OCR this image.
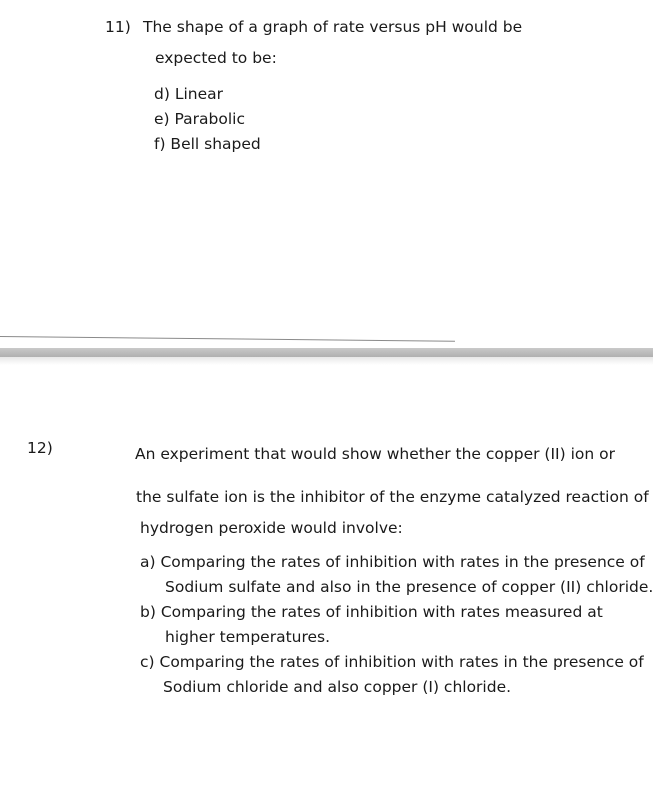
11) The shape of a graph of rate versus pH would be
expected to be:
d) Linear
e) Parabolic
f) Bell shaped
12)	An experiment that would show whether the copper (II) ion or
the sulfate ion is the inhibitor of the enzyme catalyzed reaction of
hydrogen peroxide would involve:
a) Comparing the rates of inhibition with rates in the presence of
Sodium sulfate and also in the presence of copper (II) chloride.
b) Comparing the rates of inhibition with rates measured at
higher temperatures.
c) Comparing the rates of inhibition with rates in the presence of
Sodium chloride and also copper (I) chloride.
